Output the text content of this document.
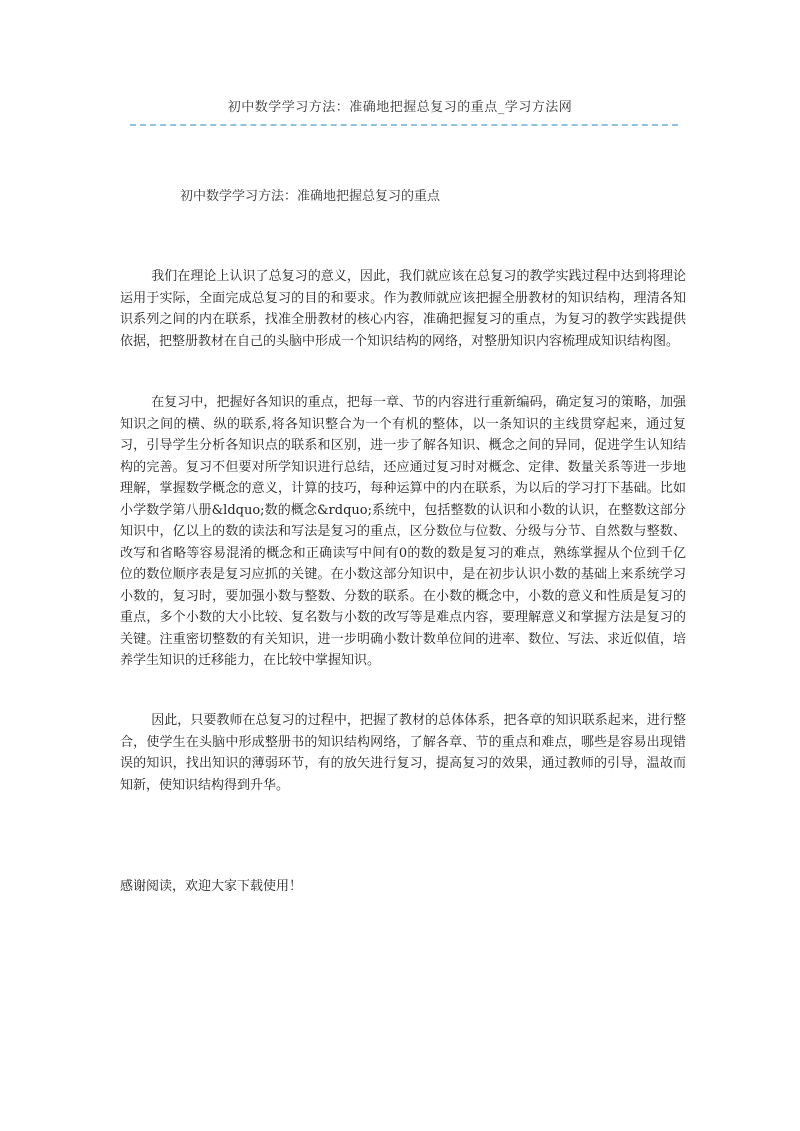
初中数学学习方法：准确地把握总复习的重点_学习方法网
初中数学学习方法：准确地把握总复习的重点

我们在理论上认识了总复习的意义，因此，我们就应该在总复习的教学实践过程中达到将理论运用于实际，全面完成总复习的目的和要求。作为教师就应该把握全册教材的知识结构，理清各知识系列之间的内在联系，找准全册教材的核心内容，准确把握复习的重点，为复习的教学实践提供依据，把整册教材在自己的头脑中形成一个知识结构的网络，对整册知识内容梳理成知识结构图。

在复习中，把握好各知识的重点，把每一章、节的内容进行重新编码，确定复习的策略，加强知识之间的横、纵的联系,将各知识整合为一个有机的整体，以一条知识的主线贯穿起来，通过复习，引导学生分析各知识点的联系和区别，进一步了解各知识、概念之间的异同，促进学生认知结构的完善。复习不但要对所学知识进行总结，还应通过复习时对概念、定律、数量关系等进一步地理解，掌握数学概念的意义，计算的技巧，每种运算中的内在联系，为以后的学习打下基础。比如小学数学第八册&ldquo;数的概念&rdquo;系统中，包括整数的认识和小数的认识，在整数这部分知识中，亿以上的数的读法和写法是复习的重点，区分数位与位数、分级与分节、自然数与整数、改写和省略等容易混淆的概念和正确读写中间有0的数的数是复习的难点，熟练掌握从个位到千亿位的数位顺序表是复习应抓的关键。在小数这部分知识中，是在初步认识小数的基础上来系统学习小数的，复习时，要加强小数与整数、分数的联系。在小数的概念中，小数的意义和性质是复习的重点，多个小数的大小比较、复名数与小数的改写等是难点内容，要理解意义和掌握方法是复习的关键。注重密切整数的有关知识，进一步明确小数计数单位间的进率、数位、写法、求近似值，培养学生知识的迁移能力，在比较中掌握知识。

因此，只要教师在总复习的过程中，把握了教材的总体体系，把各章的知识联系起来，进行整合，使学生在头脑中形成整册书的知识结构网络，了解各章、节的重点和难点，哪些是容易出现错误的知识，找出知识的薄弱环节，有的放矢进行复习，提高复习的效果，通过教师的引导，温故而知新，使知识结构得到升华。

感谢阅读，欢迎大家下载使用！
